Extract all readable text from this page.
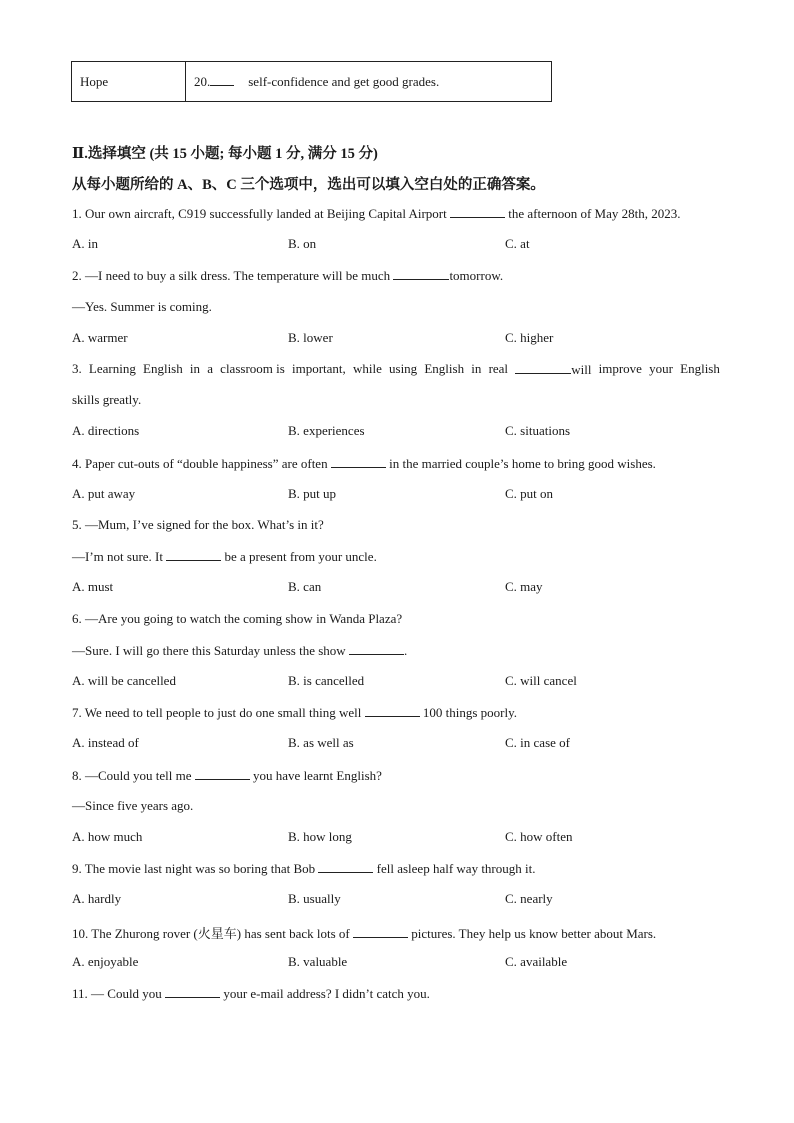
Hope	20.	self-confidence and get good grades.
Ⅱ.选择填空 (共 15 小题; 每小题 1 分, 满分 15 分)
从每小题所给的 A、B、C 三个选项中，选出可以填入空白处的正确答案。
1. Our own aircraft, C919 successfully landed at Beijing Capital Airport	the afternoon of May 28th, 2023.
A. in	B. on	C. at
2. —I need to buy a silk dress. The temperature will be much	tomorrow.
—Yes. Summer is coming.
A. warmer	B. lower	C. higher
3. Learning English in a classroom is important, while using English in real	will improve your English
skills greatly.
A. directions	B. experiences	C. situations
4. Paper cut-outs of “double happiness” are often	in the married couple’s home to bring good wishes.
A. put away	B. put up	C. put on
5. —Mum, I’ve signed for the box. What’s in it?
—I’m not sure. It	be a present from your uncle.
A. must	B. can	C. may
6. —Are you going to watch the coming show in Wanda Plaza?
—Sure. I will go there this Saturday unless the show	.
A. will be cancelled	B. is cancelled	C. will cancel
7. We need to tell people to just do one small thing well	100 things poorly.
A. instead of	B. as well as	C. in case of
8. —Could you tell me	you have learnt English?
—Since five years ago.
A. how much	B. how long	C. how often
9. The movie last night was so boring that Bob	fell asleep half way through it.
A. hardly	B. usually	C. nearly
10. The Zhurong rover (火星车) has sent back lots of	pictures. They help us know better about Mars.
A. enjoyable	B. valuable	C. available
11. — Could you	your e-mail address? I didn’t catch you.
